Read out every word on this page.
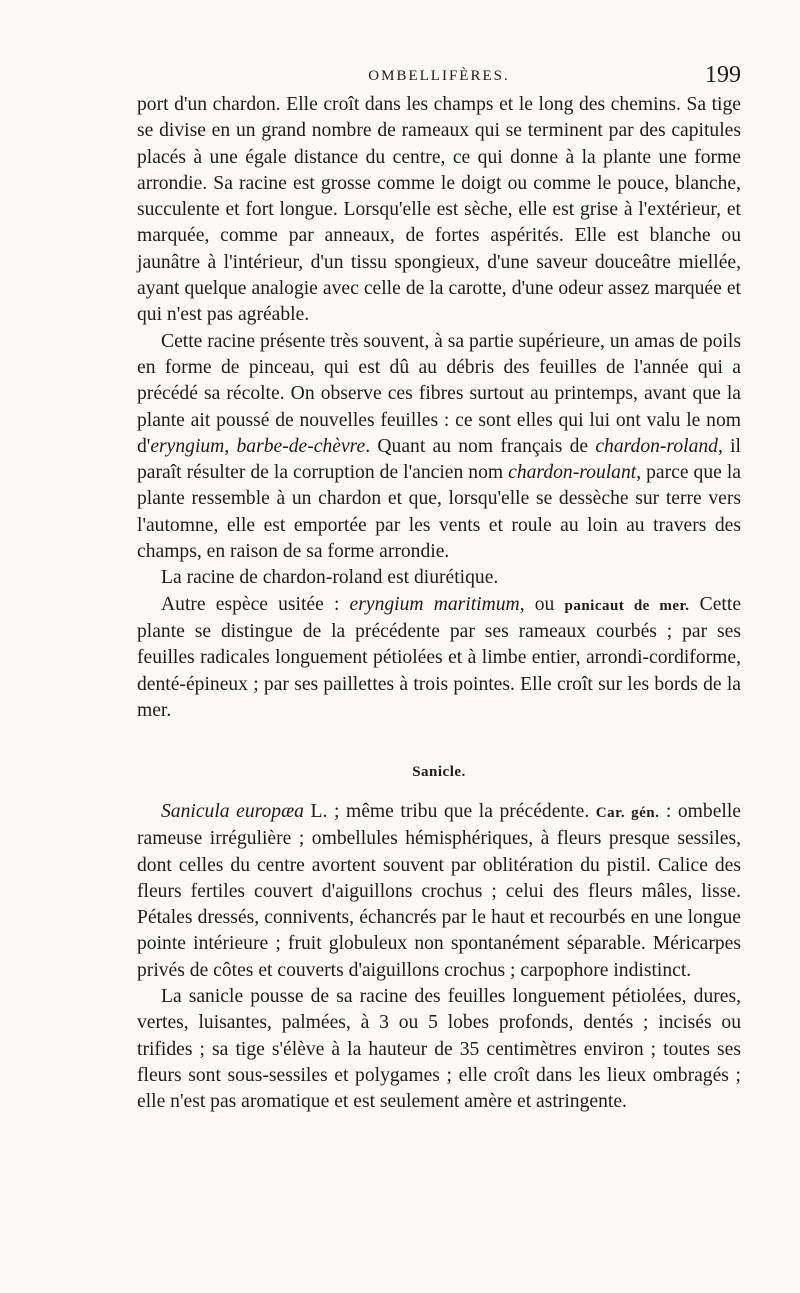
OMBELLIFÈRES.	199

port d'un chardon. Elle croît dans les champs et le long des chemins. Sa tige se divise en un grand nombre de rameaux qui se terminent par des capitules placés à une égale distance du centre, ce qui donne à la plante une forme arrondie. Sa racine est grosse comme le doigt ou comme le pouce, blanche, succulente et fort longue. Lorsqu'elle est sèche, elle est grise à l'extérieur, et marquée, comme par anneaux, de fortes aspérités. Elle est blanche ou jaunâtre à l'intérieur, d'un tissu spongieux, d'une saveur douceâtre miellée, ayant quelque analogie avec celle de la carotte, d'une odeur assez marquée et qui n'est pas agréable.

Cette racine présente très souvent, à sa partie supérieure, un amas de poils en forme de pinceau, qui est dû au débris des feuilles de l'année qui a précédé sa récolte. On observe ces fibres surtout au printemps, avant que la plante ait poussé de nouvelles feuilles : ce sont elles qui lui ont valu le nom d'eryngium, barbe-de-chèvre. Quant au nom français de chardon-roland, il paraît résulter de la corruption de l'ancien nom chardon-roulant, parce que la plante ressemble à un chardon et que, lorsqu'elle se dessèche sur terre vers l'automne, elle est emportée par les vents et roule au loin au travers des champs, en raison de sa forme arrondie.

La racine de chardon-roland est diurétique.

Autre espèce usitée : eryngium maritimum, ou panicaut de mer. Cette plante se distingue de la précédente par ses rameaux courbés ; par ses feuilles radicales longuement pétiolées et à limbe entier, arrondi-cordiforme, denté-épineux ; par ses paillettes à trois pointes. Elle croît sur les bords de la mer.

Sanicle.

Sanicula europæa L. ; même tribu que la précédente. Car. gén. : ombelle rameuse irrégulière ; ombellules hémisphériques, à fleurs presque sessiles, dont celles du centre avortent souvent par oblitération du pistil. Calice des fleurs fertiles couvert d'aiguillons crochus ; celui des fleurs mâles, lisse. Pétales dressés, connivents, échancrés par le haut et recourbés en une longue pointe intérieure ; fruit globuleux non spontanément séparable. Méricarpes privés de côtes et couverts d'aiguillons crochus ; carpophore indistinct.

La sanicle pousse de sa racine des feuilles longuement pétiolées, dures, vertes, luisantes, palmées, à 3 ou 5 lobes profonds, dentés ; incisés ou trifides ; sa tige s'élève à la hauteur de 35 centimètres environ ; toutes ses fleurs sont sous-sessiles et polygames ; elle croît dans les lieux ombragés ; elle n'est pas aromatique et est seulement amère et astringente.
